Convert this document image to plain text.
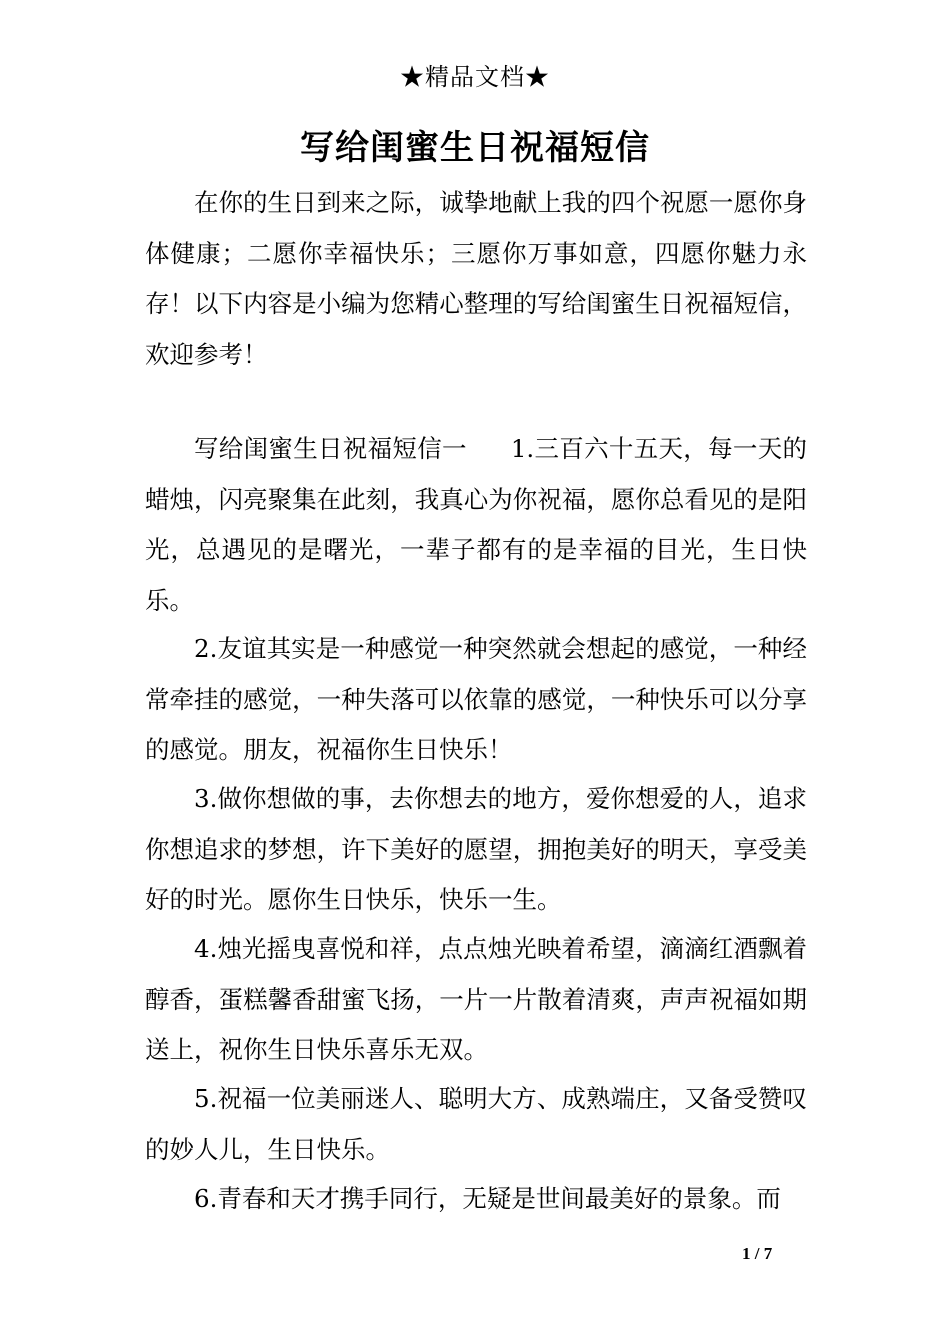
★精品文档★
写给闺蜜生日祝福短信

在你的生日到来之际，诚挚地献上我的四个祝愿一愿你身体健康；二愿你幸福快乐；三愿你万事如意，四愿你魅力永存！以下内容是小编为您精心整理的写给闺蜜生日祝福短信，欢迎参考！

写给闺蜜生日祝福短信一 1.三百六十五天，每一天的蜡烛，闪亮聚集在此刻，我真心为你祝福，愿你总看见的是阳光，总遇见的是曙光，一辈子都有的是幸福的目光，生日快乐。

2.友谊其实是一种感觉一种突然就会想起的感觉，一种经常牵挂的感觉，一种失落可以依靠的感觉，一种快乐可以分享的感觉。朋友，祝福你生日快乐！

3.做你想做的事，去你想去的地方，爱你想爱的人，追求你想追求的梦想，许下美好的愿望，拥抱美好的明天，享受美好的时光。愿你生日快乐，快乐一生。

4.烛光摇曳喜悦和祥，点点烛光映着希望，滴滴红酒飘着醇香，蛋糕馨香甜蜜飞扬，一片一片散着清爽，声声祝福如期送上，祝你生日快乐喜乐无双。

5.祝福一位美丽迷人、聪明大方、成熟端庄，又备受赞叹的妙人儿，生日快乐。

6.青春和天才携手同行，无疑是世间最美好的景象。而

1 / 7
